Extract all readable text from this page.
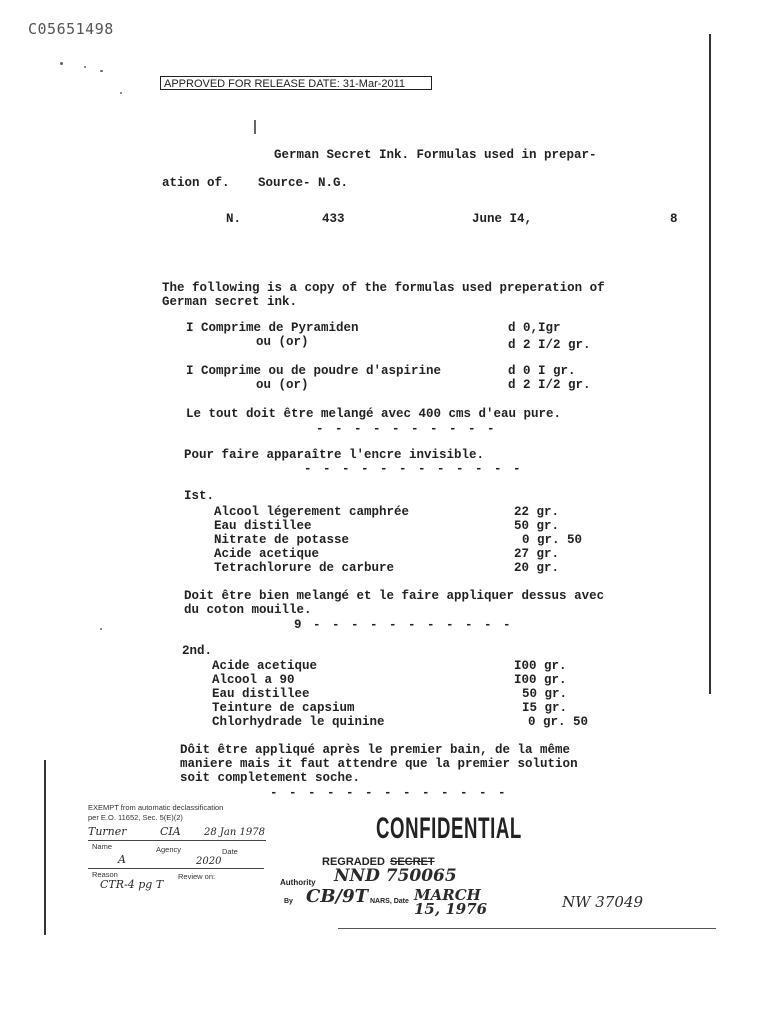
C05651498
APPROVED FOR RELEASE DATE: 31-Mar-2011
German Secret Ink. Formulas used in prepar-
ation of. Source- N.G.
N.	433	June I4,	8
The following is a copy of the formulas used preperation of
German secret ink.
I Comprime de Pyramiden	d 0,Igr
ou (or)	d 2 I/2 gr.
I Comprime ou de poudre d'aspirine	d 0 I gr.
ou (or)	d 2 I/2 gr.
Le tout doit être melangé avec 400 cms d'eau pure.
- - - - - - - - - -
Pour faire apparaître l'encre invisible.
- - - - - - - - - - - -
Ist.
Alcool légerement camphrée	22 gr.
Eau distillee	50 gr.
Nitrate de potasse	0 gr. 50
Acide acetique	27 gr.
Tetrachlorure de carbure	20 gr.
Doit être bien melangé et le faire appliquer dessus avec
du coton mouille.
9 - - - - - - - - - - -
2nd.
Acide acetique	I00 gr.
Alcool a 90	I00 gr.
Eau distillee	50 gr.
Teinture de capsium	I5 gr.
Chlorhydrade le quinine	0 gr. 50
Dôit être appliqué après le premier bain, de la même
maniere mais it faut attendre que la premier solution
soit completement soche.
- - - - - - - - - - - - -
EXEMPT from automatic declassification
per E.O. 11652, Sec. 5(E)(2)
Turner	CIA 28 Jan 1978
Name	Agency	Date
A	2020
Reason	Review on:
CTR-4 pg T
CONFIDENTIAL
REGRADED SECRET
Authority NND 750065
By CB/9T NARS, Date MARCH 15, 1976	NW 37049
